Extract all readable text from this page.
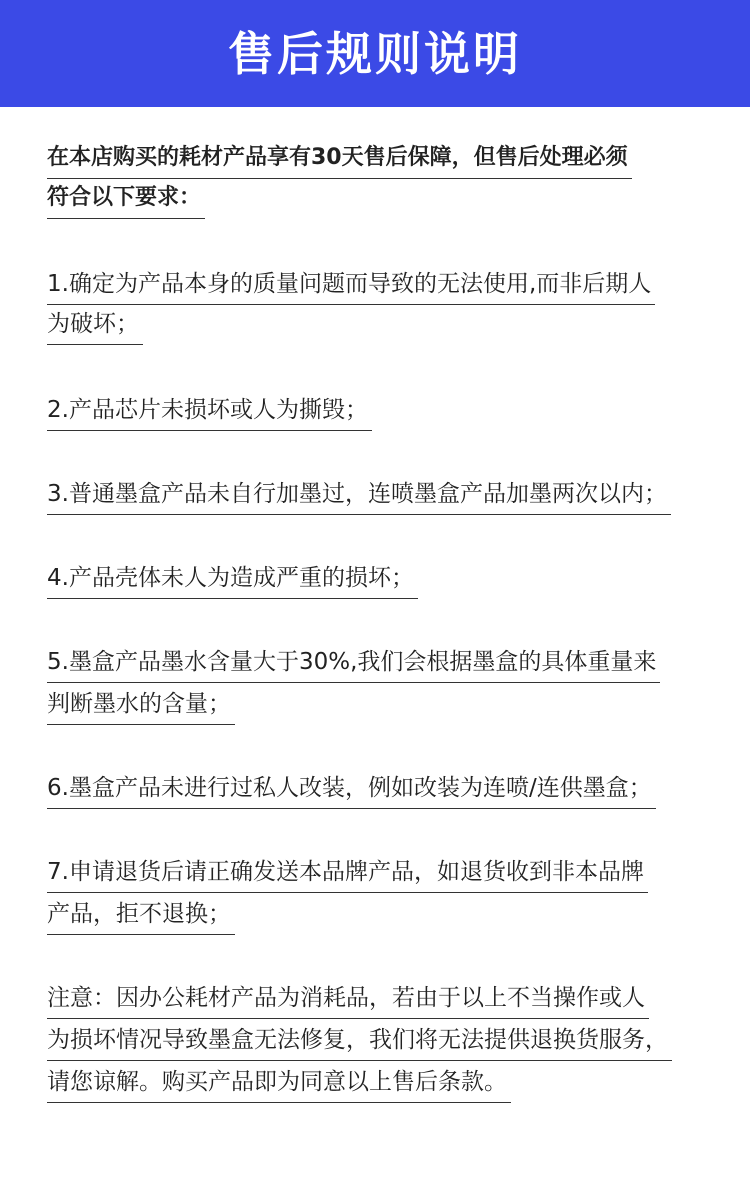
售后规则说明
在本店购买的耗材产品享有30天售后保障，但售后处理必须
符合以下要求：
1.确定为产品本身的质量问题而导致的无法使用,而非后期人
为破坏；
2.产品芯片未损坏或人为撕毁；
3.普通墨盒产品未自行加墨过，连喷墨盒产品加墨两次以内；
4.产品壳体未人为造成严重的损坏；
5.墨盒产品墨水含量大于30%,我们会根据墨盒的具体重量来
判断墨水的含量；
6.墨盒产品未进行过私人改装，例如改装为连喷/连供墨盒；
7.申请退货后请正确发送本品牌产品，如退货收到非本品牌
产品，拒不退换；
注意：因办公耗材产品为消耗品，若由于以上不当操作或人
为损坏情况导致墨盒无法修复，我们将无法提供退换货服务，
请您谅解。购买产品即为同意以上售后条款。
